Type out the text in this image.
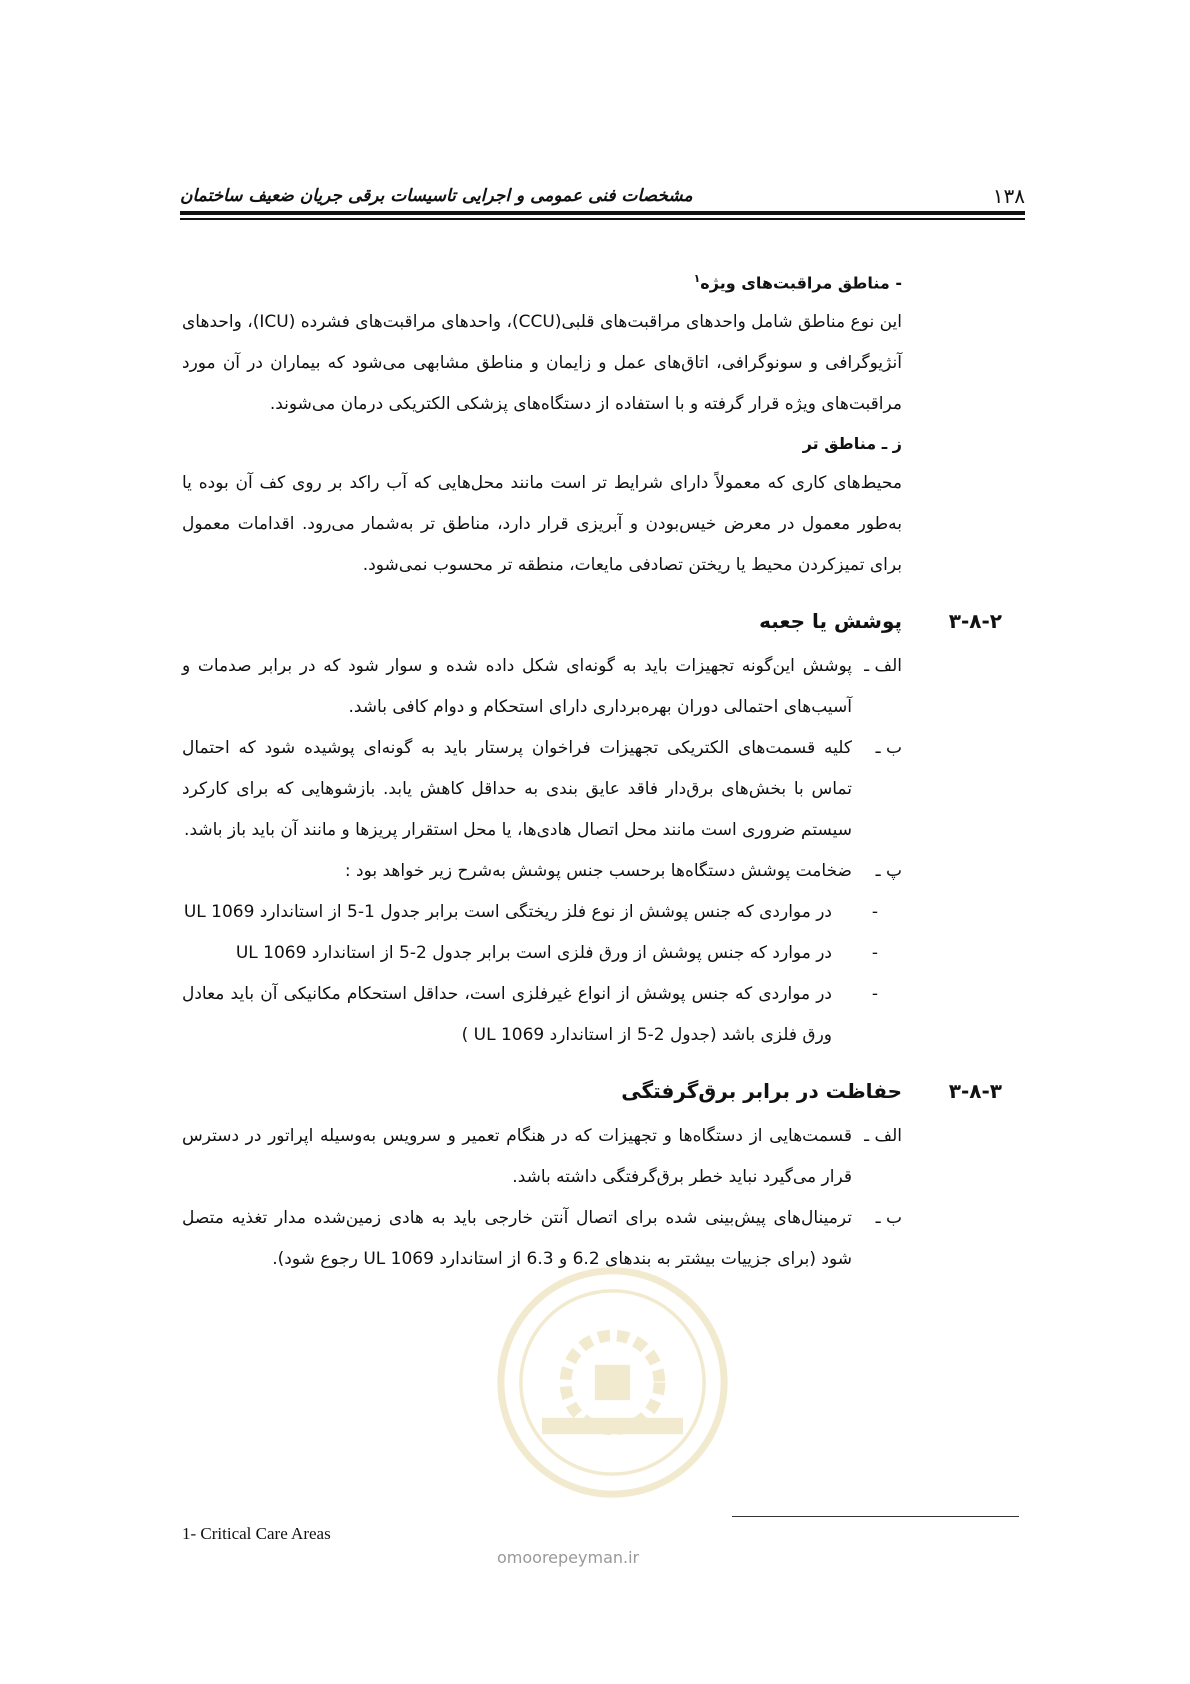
مشخصات فنی عمومی و اجرایی تاسیسات برقی جریان ضعیف ساختمان	۱۳۸

- مناطق مراقبت‌های ویژه$^۱$

این نوع مناطق شامل واحدهای مراقبت‌های قلبی(CCU)، واحدهای مراقبت‌های فشرده (ICU)، واحدهای آنژیوگرافی و سونوگرافی، اتاق‌های عمل و زایمان و مناطق مشابهی می‌شود که بیماران در آن مورد مراقبت‌های ویژه قرار گرفته و با استفاده از دستگاه‌های پزشکی الکتریکی درمان می‌شوند.

ز ـ مناطق تر

محیط‌های کاری که معمولاً دارای شرایط تر است مانند محل‌هایی که آب راکد بر روی کف آن بوده یا به‌طور معمول در معرض خیس‌بودن و آبریزی قرار دارد، مناطق تر به‌شمار می‌رود. اقدامات معمول برای تمیزکردن محیط یا ریختن تصادفی مایعات، منطقه تر محسوب نمی‌شود.

۳-۸-۲پوشش یا جعبه

الف ـ

پوشش این‌گونه تجهیزات باید به گونه‌ای شکل داده شده و سوار شود که در برابر صدمات و آسیب‌های احتمالی دوران بهره‌برداری دارای استحکام و دوام کافی باشد.

ب ـ

کلیه قسمت‌های الکتریکی تجهیزات فراخوان پرستار باید به گونه‌ای پوشیده شود که احتمال تماس با بخش‌های برق‌دار فاقد عایق بندی به حداقل کاهش یابد. بازشوهایی که برای کارکرد سیستم ضروری است مانند محل اتصال هادی‌ها، یا محل استقرار پریزها و مانند آن باید باز باشد.

پ ـ

ضخامت پوشش دستگاه‌ها برحسب جنس پوشش به‌شرح زیر خواهد بود :

-

در مواردی که جنس پوشش از نوع فلز ریختگی است برابر جدول 1-5 از استاندارد UL 1069

-

در موارد که جنس پوشش از ورق فلزی است برابر جدول 2-5 از استاندارد UL 1069

-

در مواردی که جنس پوشش از انواع غیرفلزی است، حداقل استحکام مکانیکی آن باید معادل ورق فلزی باشد (جدول 2-5 از استاندارد UL 1069 )

۳-۸-۳حفاظت در برابر برق‌گرفتگی

الف ـ

قسمت‌هایی از دستگاه‌ها و تجهیزات که در هنگام تعمیر و سرویس به‌وسیله اپراتور در دسترس قرار می‌گیرد نباید خطر برق‌گرفتگی داشته باشد.

ب ـ

ترمینال‌های پیش‌بینی شده برای اتصال آنتن خارجی باید به هادی زمین‌شده مدار تغذیه متصل شود (برای جزییات بیشتر به بندهای 6.2 و 6.3 از استاندارد UL 1069 رجوع شود).

1- Critical Care Areas
omoorepeyman.ir
